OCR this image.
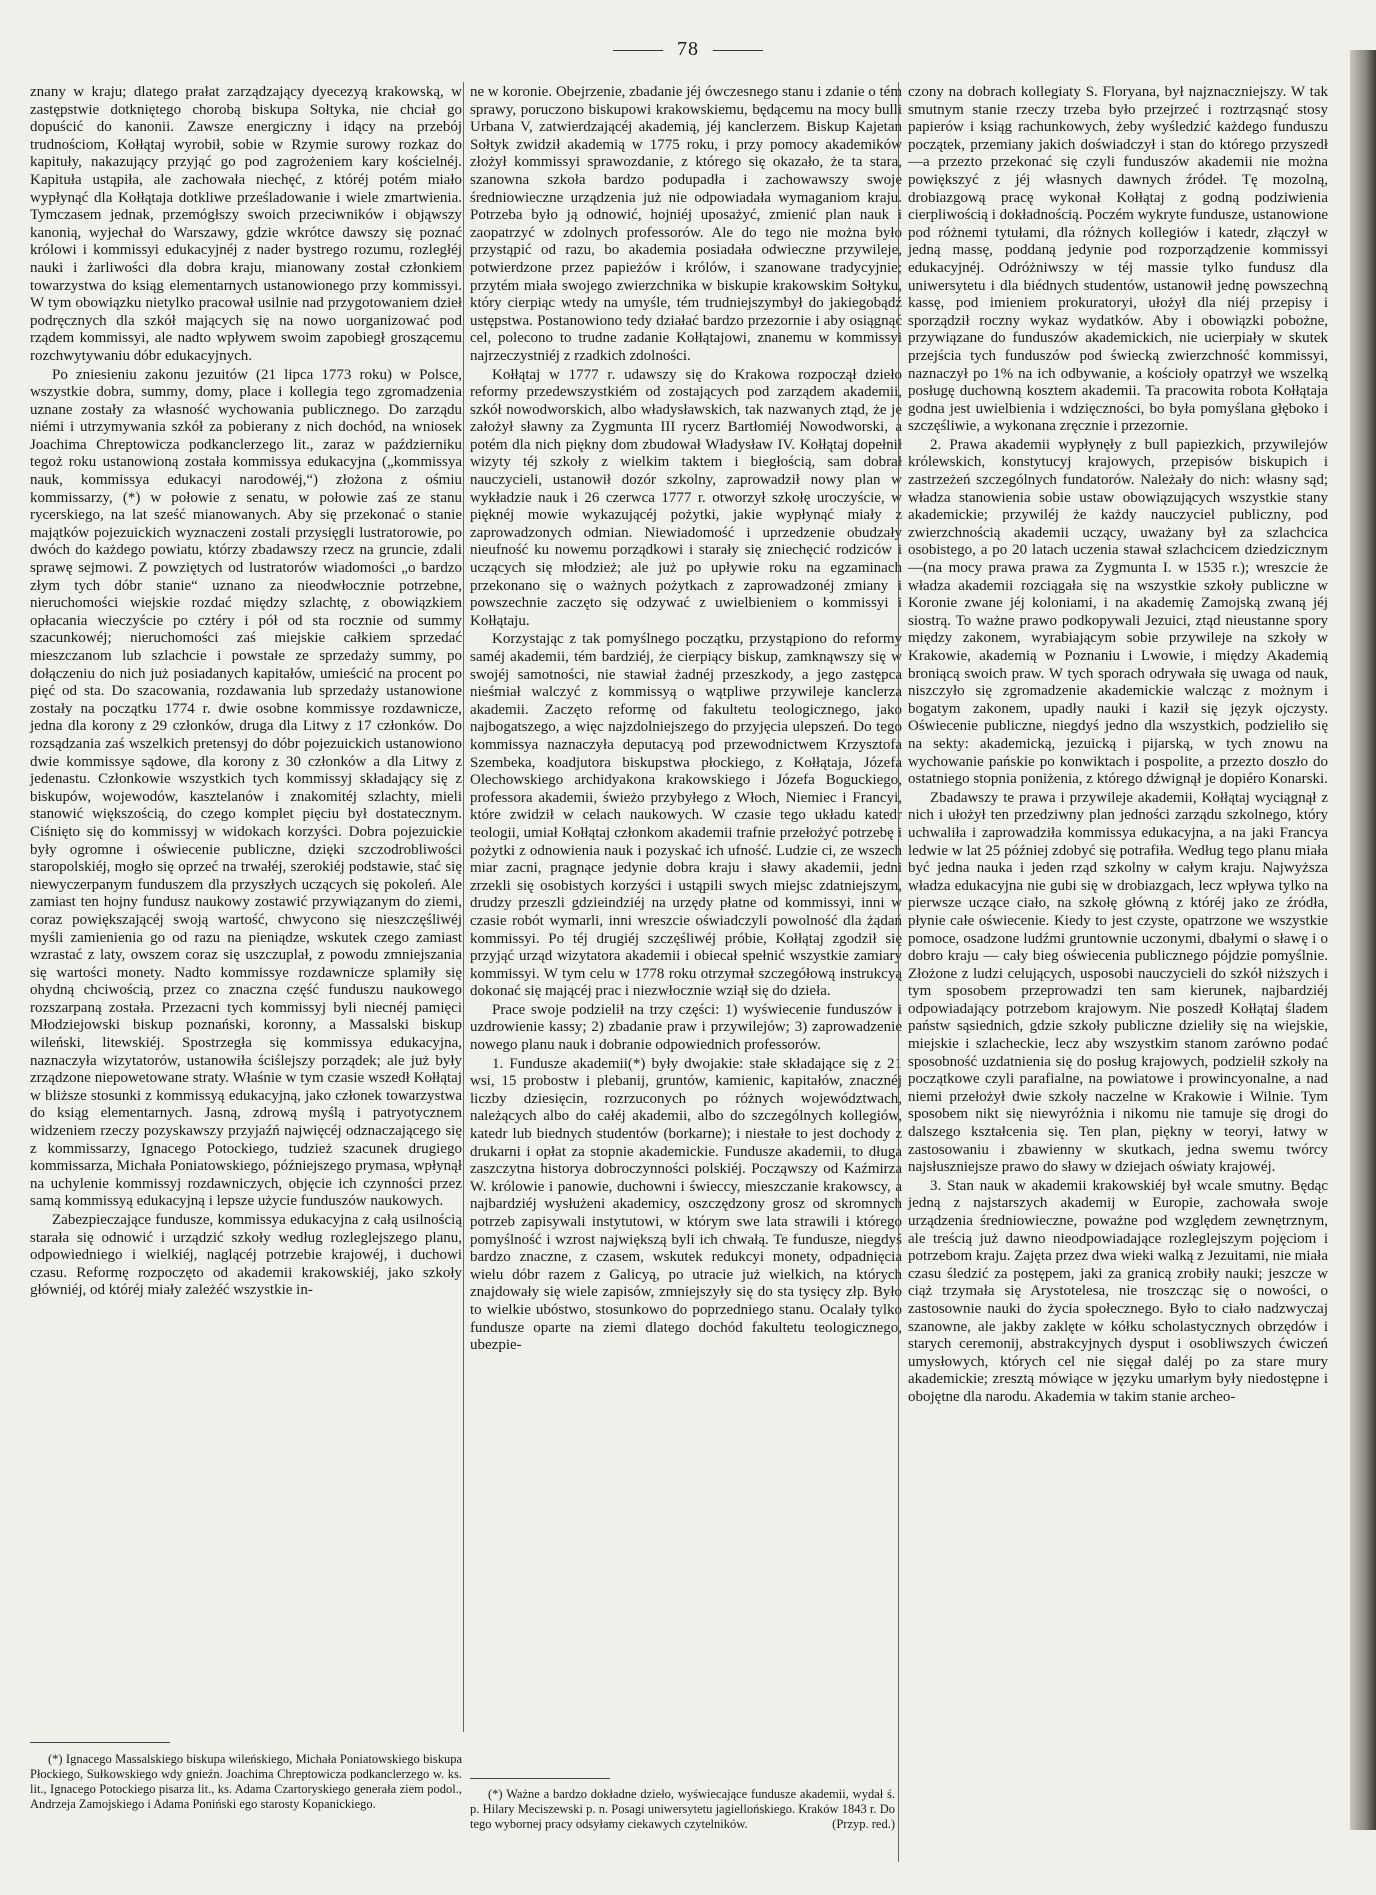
78

znany w kraju; dlatego prałat zarządzający dyecezyą krakowską, w zastępstwie dotkniętego chorobą biskupa Sołtyka, nie chciał go dopuścić do kanonii. Zawsze energiczny i idący na przebój trudnościom, Kołłątaj wyrobił, sobie w Rzymie surowy rozkaz do kapituły, nakazujący przyjąć go pod zagrożeniem kary kościelnéj. Kapituła ustąpiła, ale zachowała niechęć, z któréj potém miało wypłynąć dla Kołłątaja dotkliwe prześladowanie i wiele zmartwienia. Tymczasem jednak, przemógłszy swoich przeciwników i objąwszy kanonią, wyjechał do Warszawy, gdzie wkrótce dawszy się poznać królowi i kommissyi edukacyjnéj z nader bystrego rozumu, rozległéj nauki i żarliwości dla dobra kraju, mianowany został członkiem towarzystwa do ksiąg elementarnych ustanowionego przy kommissyi. W tym obowiązku nietylko pracował usilnie nad przygotowaniem dzieł podręcznych dla szkół mających się na nowo uorganizować pod rządem kommissyi, ale nadto wpływem swoim zapobiegł groszącemu rozchwytywaniu dóbr edukacyjnych.

Po zniesieniu zakonu jezuitów (21 lipca 1773 roku) w Polsce, wszystkie dobra, summy, domy, place i kollegia tego zgromadzenia uznane zostały za własność wychowania publicznego. Do zarządu niémi i utrzymywania szkół za pobierany z nich dochód, na wniosek Joachima Chreptowicza podkanclerzego lit., zaraz w październiku tegoż roku ustanowioną została kommissya edukacyjna („kommissya nauk, kommissya edukacyi narodowéj,“) złożona z ośmiu kommissarzy, (*) w połowie z senatu, w połowie zaś ze stanu rycerskiego, na lat sześć mianowanych. Aby się przekonać o stanie majątków pojezuickich wyznaczeni zostali przysięgli lustratorowie, po dwóch do każdego powiatu, którzy zbadawszy rzecz na gruncie, zdali sprawę sejmowi. Z powziętych od lustratorów wiadomości „o bardzo złym tych dóbr stanie“ uznano za nieodwłocznie potrzebne, nieruchomości wiejskie rozdać między szlachtę, z obowiązkiem opłacania wieczyście po cztéry i pół od sta rocznie od summy szacunkowéj; nieruchomości zaś miejskie całkiem sprzedać mieszczanom lub szlachcie i powstałe ze sprzedaży summy, po dołączeniu do nich już posiadanych kapitałów, umieścić na procent po pięć od sta. Do szacowania, rozdawania lub sprzedaży ustanowione zostały na początku 1774 r. dwie osobne kommissye rozdawnicze, jedna dla korony z 29 członków, druga dla Litwy z 17 członków. Do rozsądzania zaś wszelkich pretensyj do dóbr pojezuickich ustanowiono dwie kommissye sądowe, dla korony z 30 członków a dla Litwy z jedenastu. Członkowie wszystkich tych kommissyj składający się z biskupów, wojewodów, kasztelanów i znakomitéj szlachty, mieli stanowić większością, do czego komplet pięciu był dostatecznym. Ciśnięto się do kommissyj w widokach korzyści. Dobra pojezuickie były ogromne i oświecenie publiczne, dzięki szczodrobliwości staropolskiéj, mogło się oprzeć na trwałéj, szerokiéj podstawie, stać się niewyczerpanym funduszem dla przyszłych uczących się pokoleń. Ale zamiast ten hojny fundusz naukowy zostawić przywiązanym do ziemi, coraz powiększającéj swoją wartość, chwycono się nieszczęśliwéj myśli zamienienia go od razu na pieniądze, wskutek czego zamiast wzrastać z laty, owszem coraz się uszczuplał, z powodu zmniejszania się wartości monety. Nadto kommissye rozdawnicze splamiły się ohydną chciwością, przez co znaczna część funduszu naukowego rozszarpaną została. Przezacni tych kommissyj byli niecnéj pamięci Młodziejowski biskup poznański, koronny, a Massalski biskup wileński, litewskiéj. Spostrzegła się kommissya edukacyjna, naznaczyła wizytatorów, ustanowiła ściślejszy porządek; ale już były zrządzone niepowetowane straty. Właśnie w tym czasie wszedł Kołłątaj w bliższe stosunki z kommissyą edukacyjną, jako członek towarzystwa do ksiąg elementarnych. Jasną, zdrową myślą i patryotycznem widzeniem rzeczy pozyskawszy przyjaźń najwięcéj odznaczającego się z kommissarzy, Ignacego Potockiego, tudzież szacunek drugiego kommissarza, Michała Poniatowskiego, późniejszego prymasa, wpłynął na uchylenie kommissyj rozdawniczych, objęcie ich czynności przez samą kommissyą edukacyjną i lepsze użycie funduszów naukowych.

Zabezpieczające fundusze, kommissya edukacyjna z całą usilnością starała się odnowić i urządzić szkoły według rozleglejszego planu, odpowiedniego i wielkiéj, naglącéj potrzebie krajowéj, i duchowi czasu. Reformę rozpoczęto od akademii krakowskiéj, jako szkoły główniéj, od któréj miały zależéć wszystkie in-

ne w koronie. Obejrzenie, zbadanie jéj ówczesnego stanu i zdanie o tém sprawy, poruczono biskupowi krakowskiemu, będącemu na mocy bulli Urbana V, zatwierdzającéj akademią, jéj kanclerzem. Biskup Kajetan Sołtyk zwidził akademią w 1775 roku, i przy pomocy akademików złożył kommissyi sprawozdanie, z którego się okazało, że ta stara, szanowna szkoła bardzo podupadła i zachowawszy swoje średniowieczne urządzenia już nie odpowiadała wymaganiom kraju. Potrzeba było ją odnowić, hojniéj uposażyć, zmienić plan nauk i zaopatrzyć w zdolnych professorów. Ale do tego nie można było przystąpić od razu, bo akademia posiadała odwieczne przywileje, potwierdzone przez papieżów i królów, i szanowane tradycyjnie; przytém miała swojego zwierzchnika w biskupie krakowskim Sołtyku, który cierpiąc wtedy na umyśle, tém trudniejszymbył do jakiegobądź ustępstwa. Postanowiono tedy działać bardzo przezornie i aby osiągnąć cel, polecono to trudne zadanie Kołłątajowi, znanemu w kommissyi najrzeczystniéj z rzadkich zdolności.

Kołłątaj w 1777 r. udawszy się do Krakowa rozpoczął dzieło reformy przedewszystkiém od zostających pod zarządem akademii, szkół nowodworskich, albo władysławskich, tak nazwanych ztąd, że je założył sławny za Zygmunta III rycerz Bartłomiéj Nowodworski, a potém dla nich piękny dom zbudował Władysław IV. Kołłątaj dopełnił wizyty téj szkoły z wielkim taktem i biegłością, sam dobrał nauczycieli, ustanowił dozór szkolny, zaprowadził nowy plan w wykładzie nauk i 26 czerwca 1777 r. otworzył szkołę uroczyście, w pięknéj mowie wykazującéj pożytki, jakie wypłynąć miały z zaprowadzonych odmian. Niewiadomość i uprzedzenie obudzały nieufność ku nowemu porządkowi i starały się zniechęcić rodziców i uczących się młodzież; ale już po upływie roku na egzaminach przekonano się o ważnych pożytkach z zaprowadzonéj zmiany i powszechnie zaczęto się odzywać z uwielbieniem o kommissyi i Kołłątaju.

Korzystając z tak pomyślnego początku, przystąpiono do reformy saméj akademii, tém bardziéj, że cierpiący biskup, zamknąwszy się w swojéj samotności, nie stawiał żadnéj przeszkody, a jego zastępca nieśmiał walczyć z kommissyą o wątpliwe przywileje kanclerza akademii. Zaczęto reformę od fakultetu teologicznego, jako najbogatszego, a więc najzdolniejszego do przyjęcia ulepszeń. Do tego kommissya naznaczyła deputacyą pod przewodnictwem Krzysztofa Szembeka, koadjutora biskupstwa płockiego, z Kołłątaja, Józefa Olechowskiego archidyakona krakowskiego i Józefa Boguckiego, professora akademii, świeżo przybyłego z Włoch, Niemiec i Francyi, które zwidził w celach naukowych. W czasie tego układu katedr teologii, umiał Kołłątaj członkom akademii trafnie przełożyć potrzebę i pożytki z odnowienia nauk i pozyskać ich ufność. Ludzie ci, ze wszech miar zacni, pragnące jedynie dobra kraju i sławy akademii, jedni zrzekli się osobistych korzyści i ustąpili swych miejsc zdatniejszym, drudzy przeszli gdzieindziéj na urzędy płatne od kommissyi, inni w czasie robót wymarli, inni wreszcie oświadczyli powolność dla żądań kommissyi. Po téj drugiéj szczęśliwéj próbie, Kołłątaj zgodził się przyjąć urząd wizytatora akademii i obiecał spełnić wszystkie zamiary kommissyi. W tym celu w 1778 roku otrzymał szczegółową instrukcyą dokonać się mającéj prac i niezwłocznie wziął się do dzieła.

Prace swoje podzielił na trzy części: 1) wyświecenie funduszów i uzdrowienie kassy; 2) zbadanie praw i przywilejów; 3) zaprowadzenie nowego planu nauk i dobranie odpowiednich professorów.

1. Fundusze akademii(*) były dwojakie: stałe składające się z 21 wsi, 15 probostw i plebanij, gruntów, kamienic, kapitałów, znacznéj liczby dziesięcin, rozrzuconych po różnych województwach, należących albo do całéj akademii, albo do szczególnych kollegiów, katedr lub biednych studentów (borkarne); i niestałe to jest dochody z drukarni i opłat za stopnie akademickie. Fundusze akademii, to długa zaszczytna historya dobroczynności polskiéj. Począwszy od Kaźmirza W. królowie i panowie, duchowni i świeccy, mieszczanie krakowscy, a najbardziéj wysłużeni akademicy, oszczędzony grosz od skromnych potrzeb zapisywali instytutowi, w którym swe lata strawili i którego pomyślność i wzrost największą byli ich chwałą. Te fundusze, niegdyś bardzo znaczne, z czasem, wskutek redukcyi monety, odpadnięcia wielu dóbr razem z Galicyą, po utracie już wielkich, na których znajdowały się wiele zapisów, zmniejszyły się do sta tysięcy złp. Było to wielkie ubóstwo, stosunkowo do poprzedniego stanu. Ocalały tylko fundusze oparte na ziemi dlatego dochód fakultetu teologicznego, ubezpie-

czony na dobrach kollegiaty S. Floryana, był najznaczniejszy. W tak smutnym stanie rzeczy trzeba było przejrzeć i roztrząsnąć stosy papierów i ksiąg rachunkowych, żeby wyśledzić każdego funduszu początek, przemiany jakich doświadczył i stan do którego przyszedł—a przezto przekonać się czyli funduszów akademii nie można powiększyć z jéj własnych dawnych źródeł. Tę mozolną, drobiazgową pracę wykonał Kołłątaj z godną podziwienia cierpliwością i dokładnością. Poczém wykryte fundusze, ustanowione pod różnemi tytułami, dla różnych kollegiów i katedr, złączył w jedną massę, poddaną jedynie pod rozporządzenie kommissyi edukacyjnéj. Odróżniwszy w téj massie tylko fundusz dla uniwersytetu i dla biédnych studentów, ustanowił jednę powszechną kassę, pod imieniem prokuratoryi, ułożył dla niéj przepisy i sporządził roczny wykaz wydatków. Aby i obowiązki pobożne, przywiązane do funduszów akademickich, nie ucierpiały w skutek przejścia tych funduszów pod świecką zwierzchność kommissyi, naznaczył po 1% na ich odbywanie, a kościoły opatrzył we wszelką posługę duchowną kosztem akademii. Ta pracowita robota Kołłątaja godna jest uwielbienia i wdzięczności, bo była pomyślana głęboko i szczęśliwie, a wykonana zręcznie i przezornie.

2. Prawa akademii wypłynęły z bull papiezkich, przywilejów królewskich, konstytucyj krajowych, przepisów biskupich i zastrzeżeń szczególnych fundatorów. Należały do nich: własny sąd; władza stanowienia sobie ustaw obowiązujących wszystkie stany akademickie; przywiléj że każdy nauczyciel publiczny, pod zwierzchnością akademii uczący, uważany był za szlachcica osobistego, a po 20 latach uczenia stawał szlachcicem dziedzicznym—(na mocy prawa prawa za Zygmunta I. w 1535 r.); wreszcie że władza akademii rozciągała się na wszystkie szkoły publiczne w Koronie zwane jéj koloniami, i na akademię Zamojską zwaną jéj siostrą. To ważne prawo podkopywali Jezuici, ztąd nieustanne spory między zakonem, wyrabiającym sobie przywileje na szkoły w Krakowie, akademią w Poznaniu i Lwowie, i między Akademią broniącą swoich praw. W tych sporach odrywała się uwaga od nauk, niszczyło się zgromadzenie akademickie walcząc z możnym i bogatym zakonem, upadły nauki i kaził się język ojczysty. Oświecenie publiczne, niegdyś jedno dla wszystkich, podzieliło się na sekty: akademicką, jezuicką i pijarską, w tych znowu na wychowanie pańskie po konwiktach i pospolite, a przezto doszło do ostatniego stopnia poniżenia, z którego dźwignął je dopiéro Konarski.

Zbadawszy te prawa i przywileje akademii, Kołłątaj wyciągnął z nich i ułożył ten przedziwny plan jedności zarządu szkolnego, który uchwaliła i zaprowadziła kommissya edukacyjna, a na jaki Francya ledwie w lat 25 później zdobyć się potrafiła. Według tego planu miała być jedna nauka i jeden rząd szkolny w całym kraju. Najwyższa władza edukacyjna nie gubi się w drobiazgach, lecz wpływa tylko na pierwsze uczące ciało, na szkołę główną z któréj jako ze źródła, płynie całe oświecenie. Kiedy to jest czyste, opatrzone we wszystkie pomoce, osadzone ludźmi gruntownie uczonymi, dbałymi o sławę i o dobro kraju — cały bieg oświecenia publicznego pójdzie pomyślnie. Złożone z ludzi celujących, usposobi nauczycieli do szkół niższych i tym sposobem przeprowadzi ten sam kierunek, najbardziéj odpowiadający potrzebom krajowym. Nie poszedł Kołłątaj śladem państw sąsiednich, gdzie szkoły publiczne dzieliły się na wiejskie, miejskie i szlacheckie, lecz aby wszystkim stanom zarówno podać sposobność uzdatnienia się do posług krajowych, podzielił szkoły na początkowe czyli parafialne, na powiatowe i prowincyonalne, a nad niemi przełożył dwie szkoły naczelne w Krakowie i Wilnie. Tym sposobem nikt się niewyróżnia i nikomu nie tamuje się drogi do dalszego kształcenia się. Ten plan, piękny w teoryi, łatwy w zastosowaniu i zbawienny w skutkach, jedna swemu twórcy najsłuszniejsze prawo do sławy w dziejach oświaty krajowéj.

3. Stan nauk w akademii krakowskiéj był wcale smutny. Będąc jedną z najstarszych akademij w Europie, zachowała swoje urządzenia średniowieczne, poważne pod względem zewnętrznym, ale treścią już dawno nieodpowiadające rozleglejszym pojęciom i potrzebom kraju. Zajęta przez dwa wieki walką z Jezuitami, nie miała czasu śledzić za postępem, jaki za granicą zrobiły nauki; jeszcze w ciąż trzymała się Arystotelesa, nie troszcząc się o nowości, o zastosownie nauki do życia społecznego. Było to ciało nadzwyczaj szanowne, ale jakby zaklęte w kółku scholastycznych obrzędów i starych ceremonij, abstrakcyjnych dysput i osobliwszych ćwiczeń umysłowych, których cel nie sięgał daléj po za stare mury akademickie; zresztą mówiące w języku umarłym były niedostępne i obojętne dla narodu. Akademia w takim stanie archeo-

(*) Ignacego Massalskiego biskupa wileńskiego, Michała Poniatowskiego biskupa Płockiego, Sułkowskiego wdy gnieźn. Joachima Chreptowicza podkanclerzego w. ks. lit., Ignacego Potockiego pisarza lit., ks. Adama Czartoryskiego generała ziem podol., Andrzeja Zamojskiego i Adama Poniński ego starosty Kopanickiego.
(*) Ważne a bardzo dokładne dzieło, wyświecające fundusze akademii, wydał ś. p. Hilary Meciszewski p. n. Posagi uniwersytetu jagiellońskiego. Kraków 1843 r. Do tego wybornej pracy odsyłamy ciekawych czytelników.	(Przyp. red.)
